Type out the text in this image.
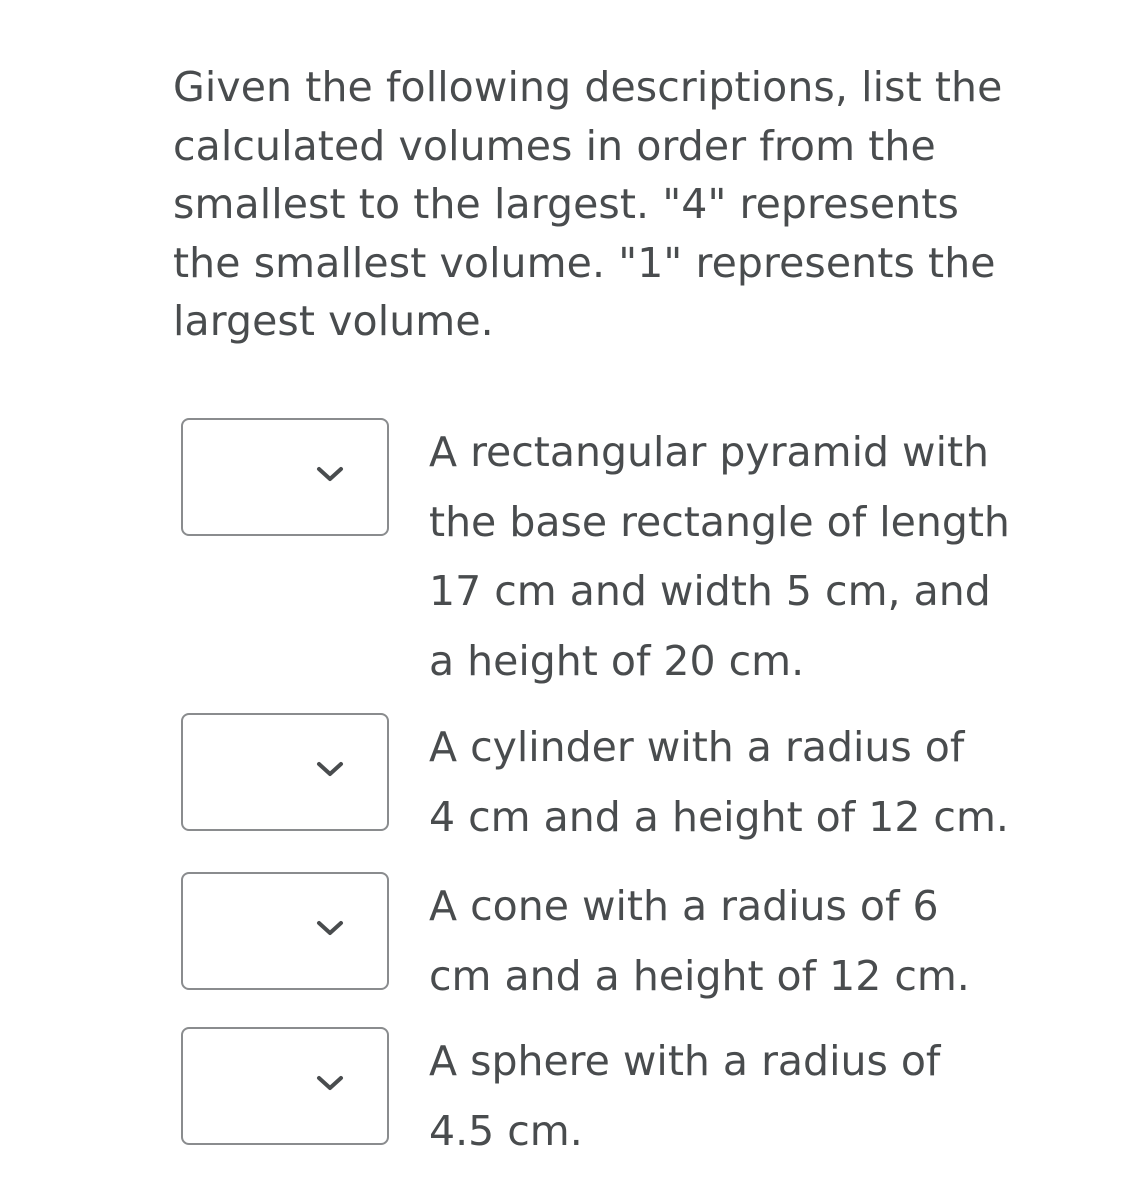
Given the following descriptions, list the
calculated volumes in order from the
smallest to the largest. "4" represents
the smallest volume. "1" represents the
largest volume.
A rectangular pyramid with
the base rectangle of length
17 cm and width 5 cm, and
a height of 20 cm.
A cylinder with a radius of
4 cm and a height of 12 cm.
A cone with a radius of 6
cm and a height of 12 cm.
A sphere with a radius of
4.5 cm.
